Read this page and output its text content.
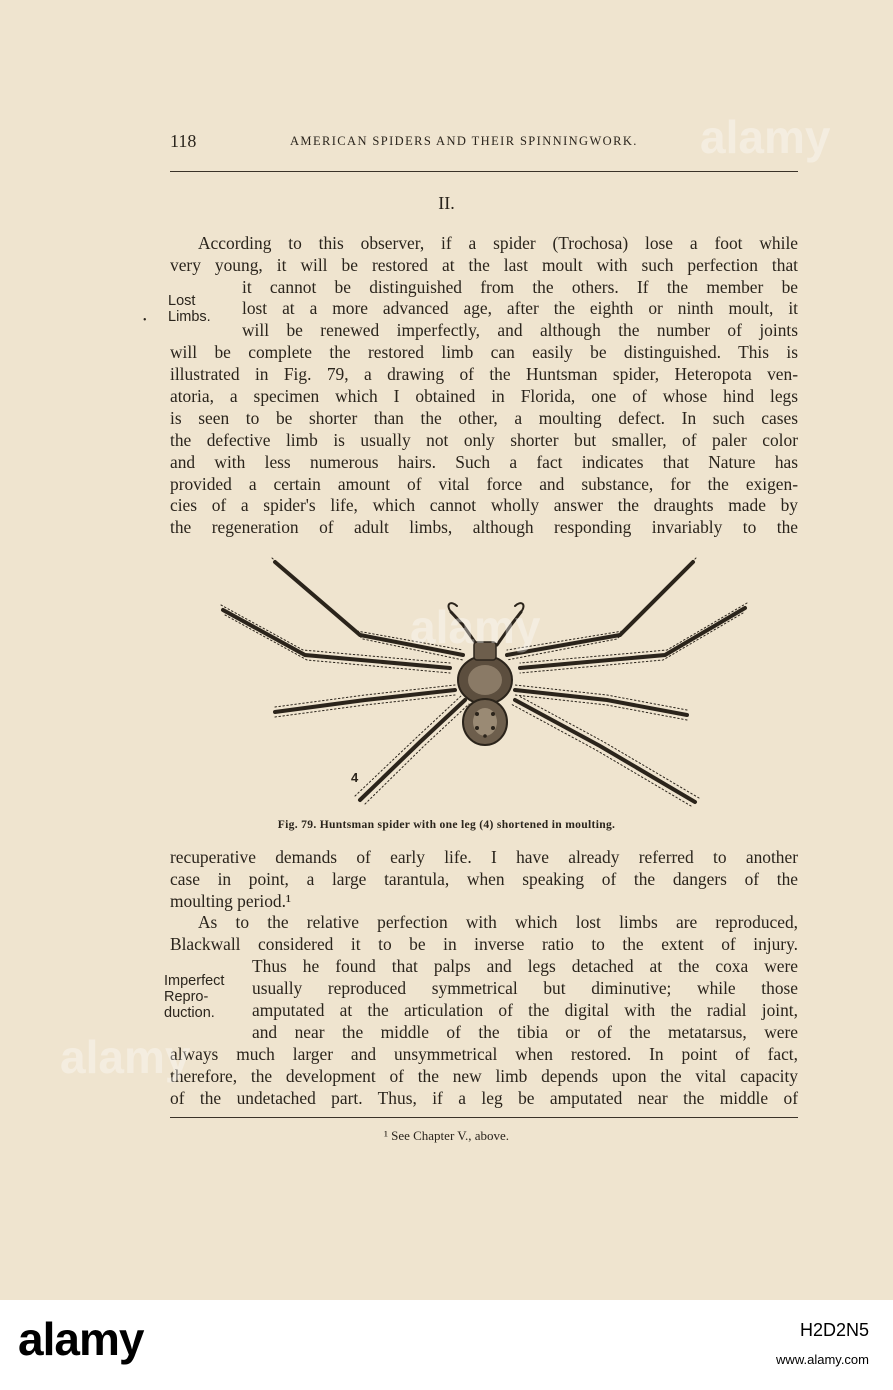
118	AMERICAN SPIDERS AND THEIR SPINNINGWORK.
II.
According to this observer, if a spider (Trochosa) lose a foot while
very young, it will be restored at the last moult with such perfection that
it cannot be distinguished from the others. If the member be
lost at a more advanced age, after the eighth or ninth moult, it
will be renewed imperfectly, and although the number of joints
will be complete the restored limb can easily be distinguished. This is
illustrated in Fig. 79, a drawing of the Huntsman spider, Heteropota ven-
atoria, a specimen which I obtained in Florida, one of whose hind legs
is seen to be shorter than the other, a moulting defect. In such cases
the defective limb is usually not only shorter but smaller, of paler color
and with less numerous hairs. Such a fact indicates that Nature has
provided a certain amount of vital force and substance, for the exigen-
cies of a spider's life, which cannot wholly answer the draughts made by
the regeneration of adult limbs, although responding invariably to the
Lost
Limbs.
•
4
Fig. 79. Huntsman spider with one leg (4) shortened in moulting.
recuperative demands of early life. I have already referred to another
case in point, a large tarantula, when speaking of the dangers of the
moulting period.¹
As to the relative perfection with which lost limbs are reproduced,
Blackwall considered it to be in inverse ratio to the extent of injury.
Thus he found that palps and legs detached at the coxa were
usually reproduced symmetrical but diminutive; while those
amputated at the articulation of the digital with the radial joint,
and near the middle of the tibia or of the metatarsus, were
always much larger and unsymmetrical when restored. In point of fact,
therefore, the development of the new limb depends upon the vital capacity
of the undetached part. Thus, if a leg be amputated near the middle of
Imperfect
Repro-
duction.
¹ See Chapter V., above.
alamy
alamy
alamy
alamy	H2D2N5
www.alamy.com
